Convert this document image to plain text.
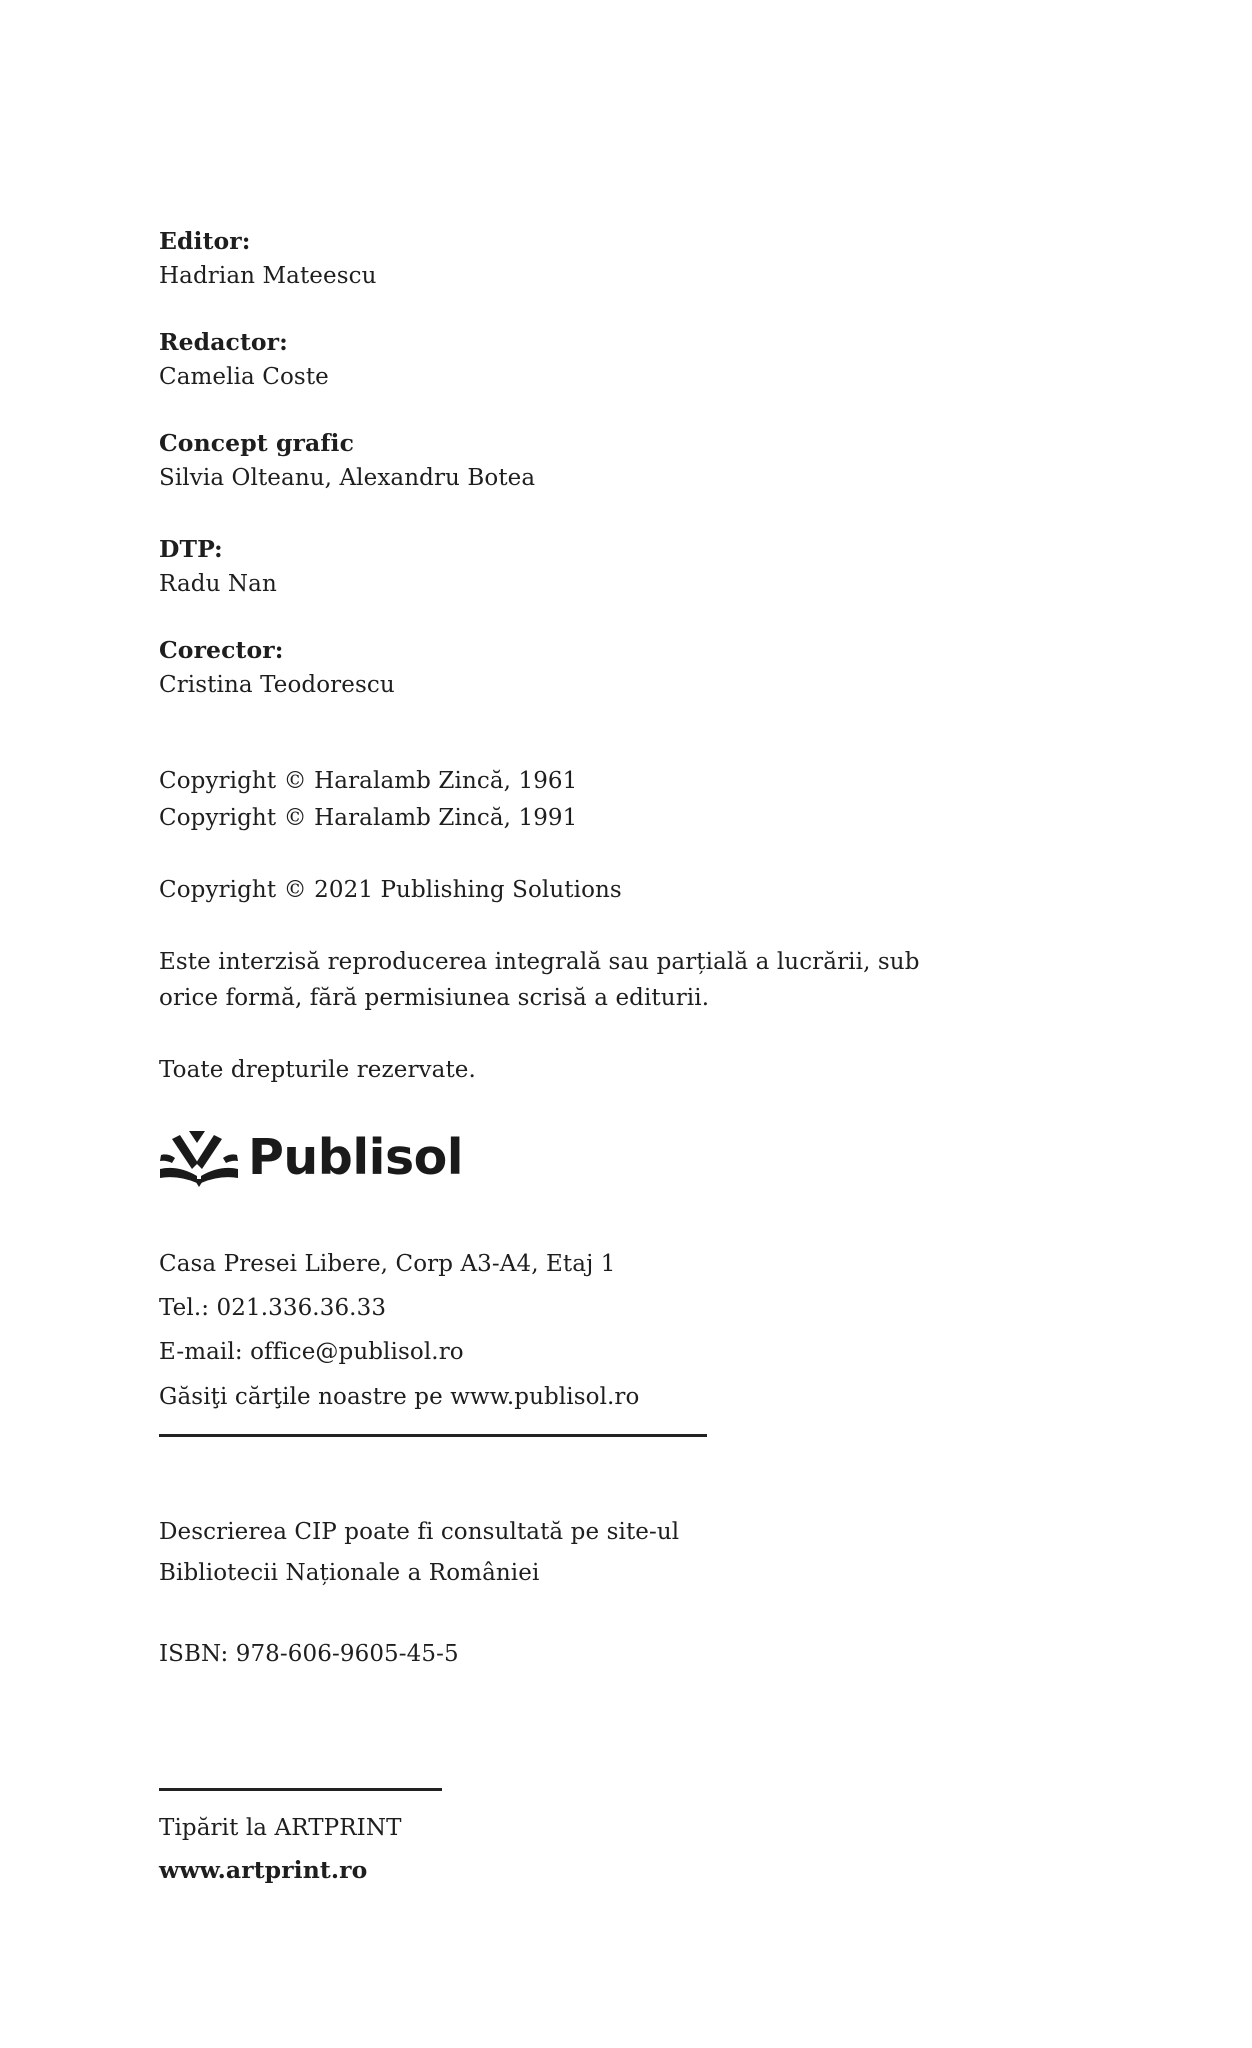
Editor:
Hadrian Mateescu
Redactor:
Camelia Coste
Concept grafic
Silvia Olteanu, Alexandru Botea
DTP:
Radu Nan
Corector:
Cristina Teodorescu
Copyright © Haralamb Zincă, 1961
Copyright © Haralamb Zincă, 1991
Copyright © 2021 Publishing Solutions
Este interzisă reproducerea integrală sau parțială a lucrării, sub
orice formă, fără permisiunea scrisă a editurii.
Toate drepturile rezervate.
Publisol
Casa Presei Libere, Corp A3-A4, Etaj 1
Tel.: 021.336.36.33
E-mail: office@publisol.ro
Găsiţi cărţile noastre pe www.publisol.ro
Descrierea CIP poate fi consultată pe site-ul
Bibliotecii Naționale a României
ISBN: 978-606-9605-45-5
Tipărit la ARTPRINT
www.artprint.ro
